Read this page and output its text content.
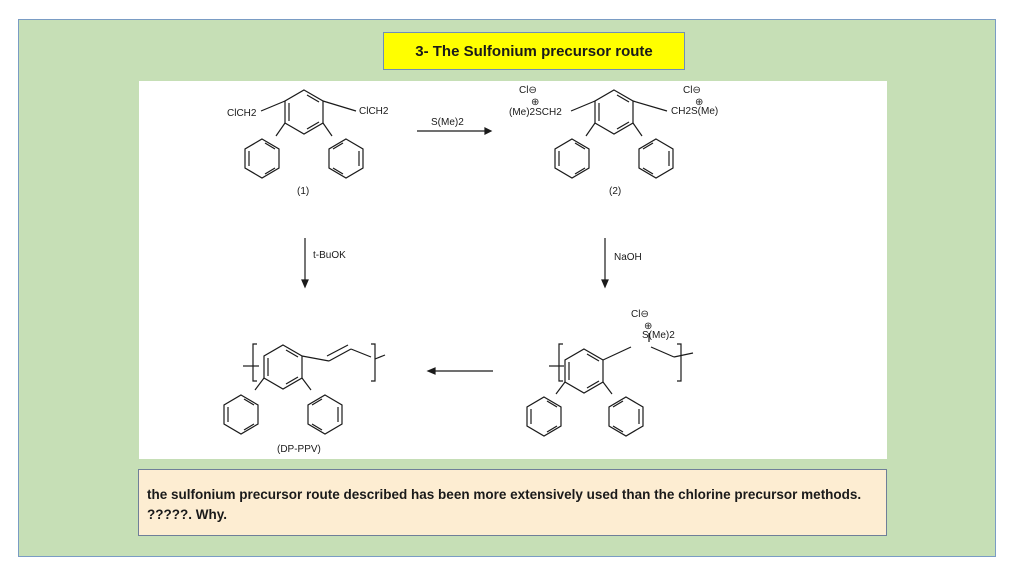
3- The Sulfonium precursor route
ClCH2	ClCH2
(1)
S(Me)2
Cl⊖
⊕
(Me)2SCH2
Cl⊖
⊕
CH2S(Me)
(2)
t-BuOK	NaOH
Cl⊖
⊕
S(Me)2
(DP-PPV)
the sulfonium precursor route described has been more extensively used than the chlorine precursor methods. ?????. Why.
